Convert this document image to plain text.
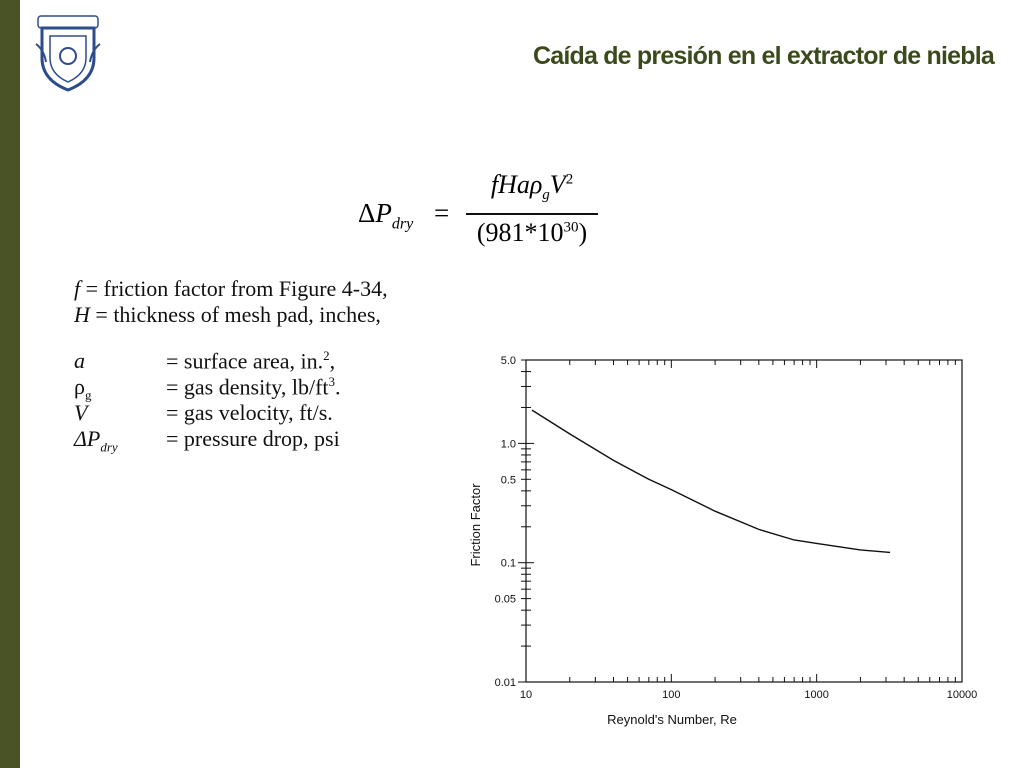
Caída de presión en el extractor de niebla
$\Delta P_{dry}$ =
$fHa\rho_gV^2$
$(981*10^{30})$
f = friction factor from Figure 4-34,
H = thickness of mesh pad, inches,
a	= surface area, in.$^2$,
$\rho_g$	= gas density, $lb/ft^3$.
V	= gas velocity, ft/s.
$\Delta P_{dry}$ = pressure drop, psi
10	100	1000	10000
0.01
0.05
0.1
0.5
1.0
5.0
Reynold's Number, Re
Friction Factor
